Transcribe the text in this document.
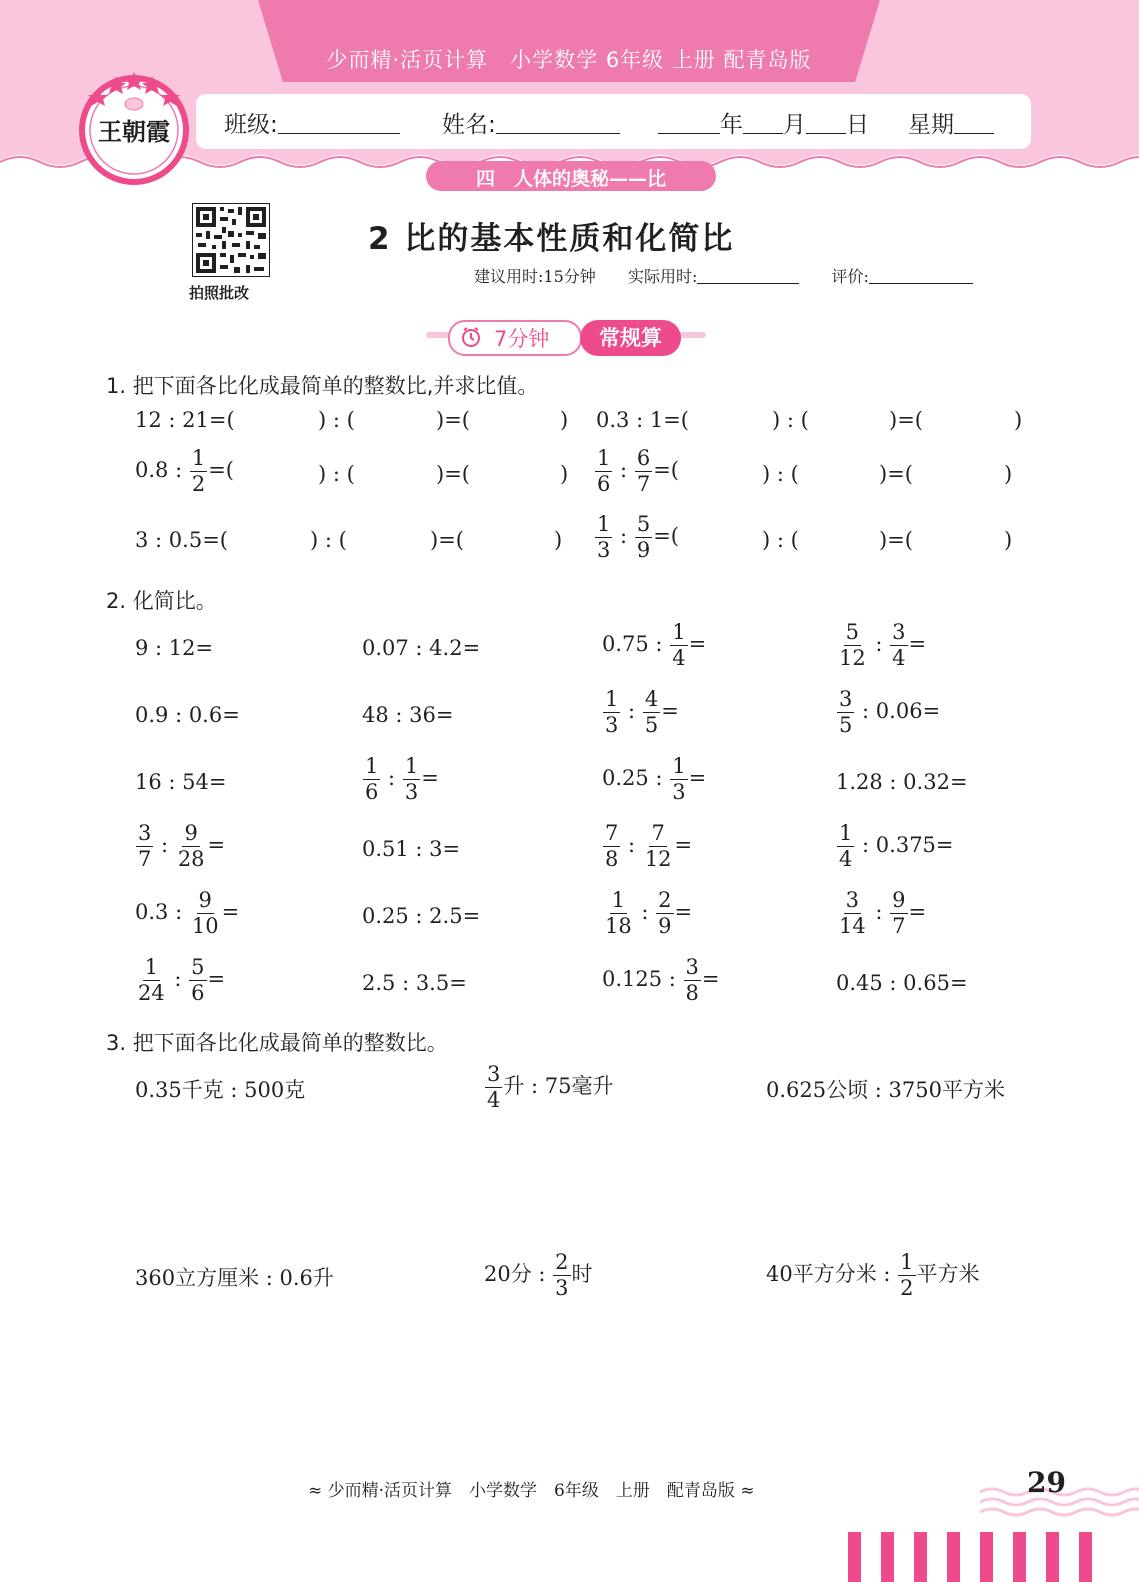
少而精·活页计算　小学数学 6年级 上册 配青岛版
班级:	姓名:	年 月 日 星期
王朝霞
四　人体的奥秘——比
拍照批改
2 比的基本性质和化简比
建议用时:15分钟 实际用时:	评价:
7分钟	常规算
1. 把下面各比化成最简单的整数比,并求比值。
12 : 21=(	) : (	)=(	) 0.3 : 1=(	) : (	)=(	)
0.8 : $\frac{1}{2}$ =(	) : (	)=(	) $\frac{1}{6}$ : $\frac{6}{7}$ =(	) : (	)=(	)
3 : 0.5=(	) : (	)=(	) $\frac{1}{3}$ : $\frac{5}{9}$ =(	) : (	)=(	)
2. 化简比。
9 : 12=	0.07 : 4.2=	0.75 : $\frac{1}{4}$ =	$\frac{5}{12}$ : $\frac{3}{4}$ =
0.9 : 0.6=	48 : 36=	$\frac{1}{3}$ : $\frac{4}{5}$ =	$\frac{3}{5}$ : 0.06=
16 : 54=	$\frac{1}{6}$ : $\frac{1}{3}$ =	0.25 : $\frac{1}{3}$ =	1.28 : 0.32=
$\frac{3}{7}$ : $\frac{9}{28}$ =	0.51 : 3=	$\frac{7}{8}$ : $\frac{7}{12}$ =	$\frac{1}{4}$ : 0.375=
0.3 : $\frac{9}{10}$ =	0.25 : 2.5=	$\frac{1}{18}$ : $\frac{2}{9}$ =	$\frac{3}{14}$ : $\frac{9}{7}$ =
$\frac{1}{24}$ : $\frac{5}{6}$ =	2.5 : 3.5=	0.125 : $\frac{3}{8}$ =	0.45 : 0.65=
3. 把下面各比化成最简单的整数比。
0.35千克 : 500克	$\frac{3}{4}$ 升 : 75毫升	0.625公顷 : 3750平方米
360立方厘米 : 0.6升	20分 : $\frac{2}{3}$ 时	40平方分米 : $\frac{1}{2}$ 平方米
≈ 少而精·活页计算　小学数学　6年级　上册　配青岛版 ≈	29
